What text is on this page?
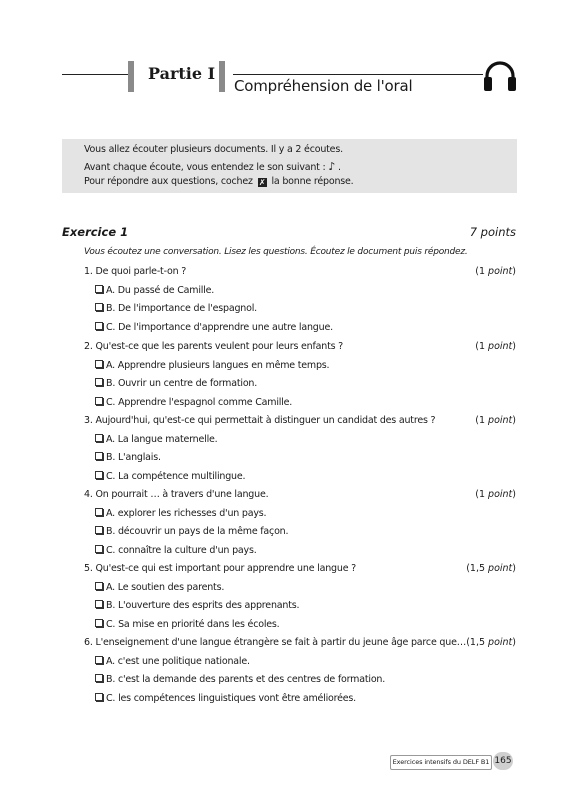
Partie I
Compréhension de l'oral
Vous allez écouter plusieurs documents. Il y a 2 écoutes.
Avant chaque écoute, vous entendez le son suivant : ♪ .
Pour répondre aux questions, cochez ✗ la bonne réponse.
Exercice 1	7 points
Vous écoutez une conversation. Lisez les questions. Écoutez le document puis répondez.
1. De quoi parle-t-on ?	(1 point)
A. Du passé de Camille.
B. De l'importance de l'espagnol.
C. De l'importance d'apprendre une autre langue.
2. Qu'est-ce que les parents veulent pour leurs enfants ?	(1 point)
A. Apprendre plusieurs langues en même temps.
B. Ouvrir un centre de formation.
C. Apprendre l'espagnol comme Camille.
3. Aujourd'hui, qu'est-ce qui permettait à distinguer un candidat des autres ?	(1 point)
A. La langue maternelle.
B. L'anglais.
C. La compétence multilingue.
4. On pourrait … à travers d'une langue.	(1 point)
A. explorer les richesses d'un pays.
B. découvrir un pays de la même façon.
C. connaître la culture d'un pays.
5. Qu'est-ce qui est important pour apprendre une langue ?	(1,5 point)
A. Le soutien des parents.
B. L'ouverture des esprits des apprenants.
C. Sa mise en priorité dans les écoles.
6. L'enseignement d'une langue étrangère se fait à partir du jeune âge parce que… (1,5 point)
A. c'est une politique nationale.
B. c'est la demande des parents et des centres de formation.
C. les compétences linguistiques vont être améliorées.
Exercices intensifs du DELF B1 165
